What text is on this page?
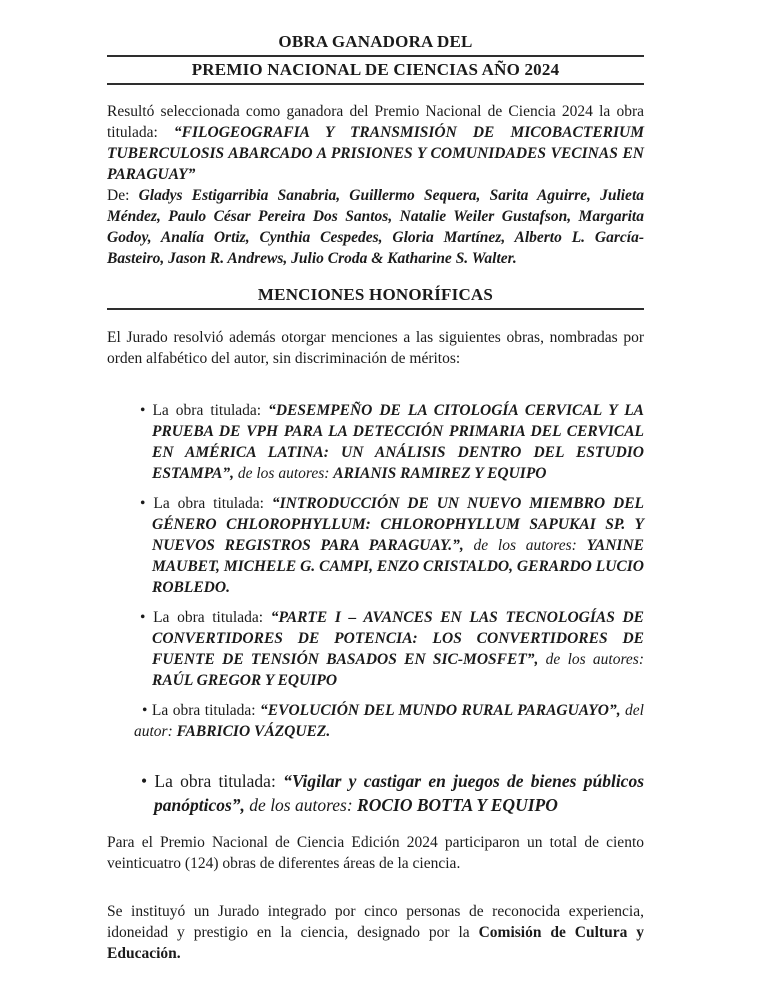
OBRA GANADORA DEL
PREMIO NACIONAL DE CIENCIAS AÑO 2024

Resultó seleccionada como ganadora del Premio Nacional de Ciencia 2024 la obra titulada: “FILOGEOGRAFIA Y TRANSMISIÓN DE MICOBACTERIUM TUBERCULOSIS ABARCADO A PRISIONES Y COMUNIDADES VECINAS EN PARAGUAY”

De: Gladys Estigarribia Sanabria, Guillermo Sequera, Sarita Aguirre, Julieta Méndez, Paulo César Pereira Dos Santos, Natalie Weiler Gustafson, Margarita Godoy, Analía Ortiz, Cynthia Cespedes, Gloria Martínez, Alberto L. García-Basteiro, Jason R. Andrews, Julio Croda & Katharine S. Walter.

MENCIONES HONORÍFICAS

El Jurado resolvió además otorgar menciones a las siguientes obras, nombradas por orden alfabético del autor, sin discriminación de méritos:

• La obra titulada: “DESEMPEÑO DE LA CITOLOGÍA CERVICAL Y LA PRUEBA DE VPH PARA LA DETECCIÓN PRIMARIA DEL CERVICAL EN AMÉRICA LATINA: UN ANÁLISIS DENTRO DEL ESTUDIO ESTAMPA”, de los autores: ARIANIS RAMIREZ Y EQUIPO

• La obra titulada: “INTRODUCCIÓN DE UN NUEVO MIEMBRO DEL GÉNERO CHLOROPHYLLUM: CHLOROPHYLLUM SAPUKAI SP. Y NUEVOS REGISTROS PARA PARAGUAY.”, de los autores: YANINE MAUBET, MICHELE G. CAMPI, ENZO CRISTALDO, GERARDO LUCIO ROBLEDO.

• La obra titulada: “PARTE I – AVANCES EN LAS TECNOLOGÍAS DE CONVERTIDORES DE POTENCIA: LOS CONVERTIDORES DE FUENTE DE TENSIÓN BASADOS EN SIC-MOSFET”, de los autores: RAÚL GREGOR Y EQUIPO

• La obra titulada: “EVOLUCIÓN DEL MUNDO RURAL PARAGUAYO”, del autor: FABRICIO VÁZQUEZ.

• La obra titulada: “Vigilar y castigar en juegos de bienes públicos panópticos”, de los autores: ROCIO BOTTA Y EQUIPO

Para el Premio Nacional de Ciencia Edición 2024 participaron un total de ciento veinticuatro (124) obras de diferentes áreas de la ciencia.

Se instituyó un Jurado integrado por cinco personas de reconocida experiencia, idoneidad y prestigio en la ciencia, designado por la Comisión de Cultura y Educación.
